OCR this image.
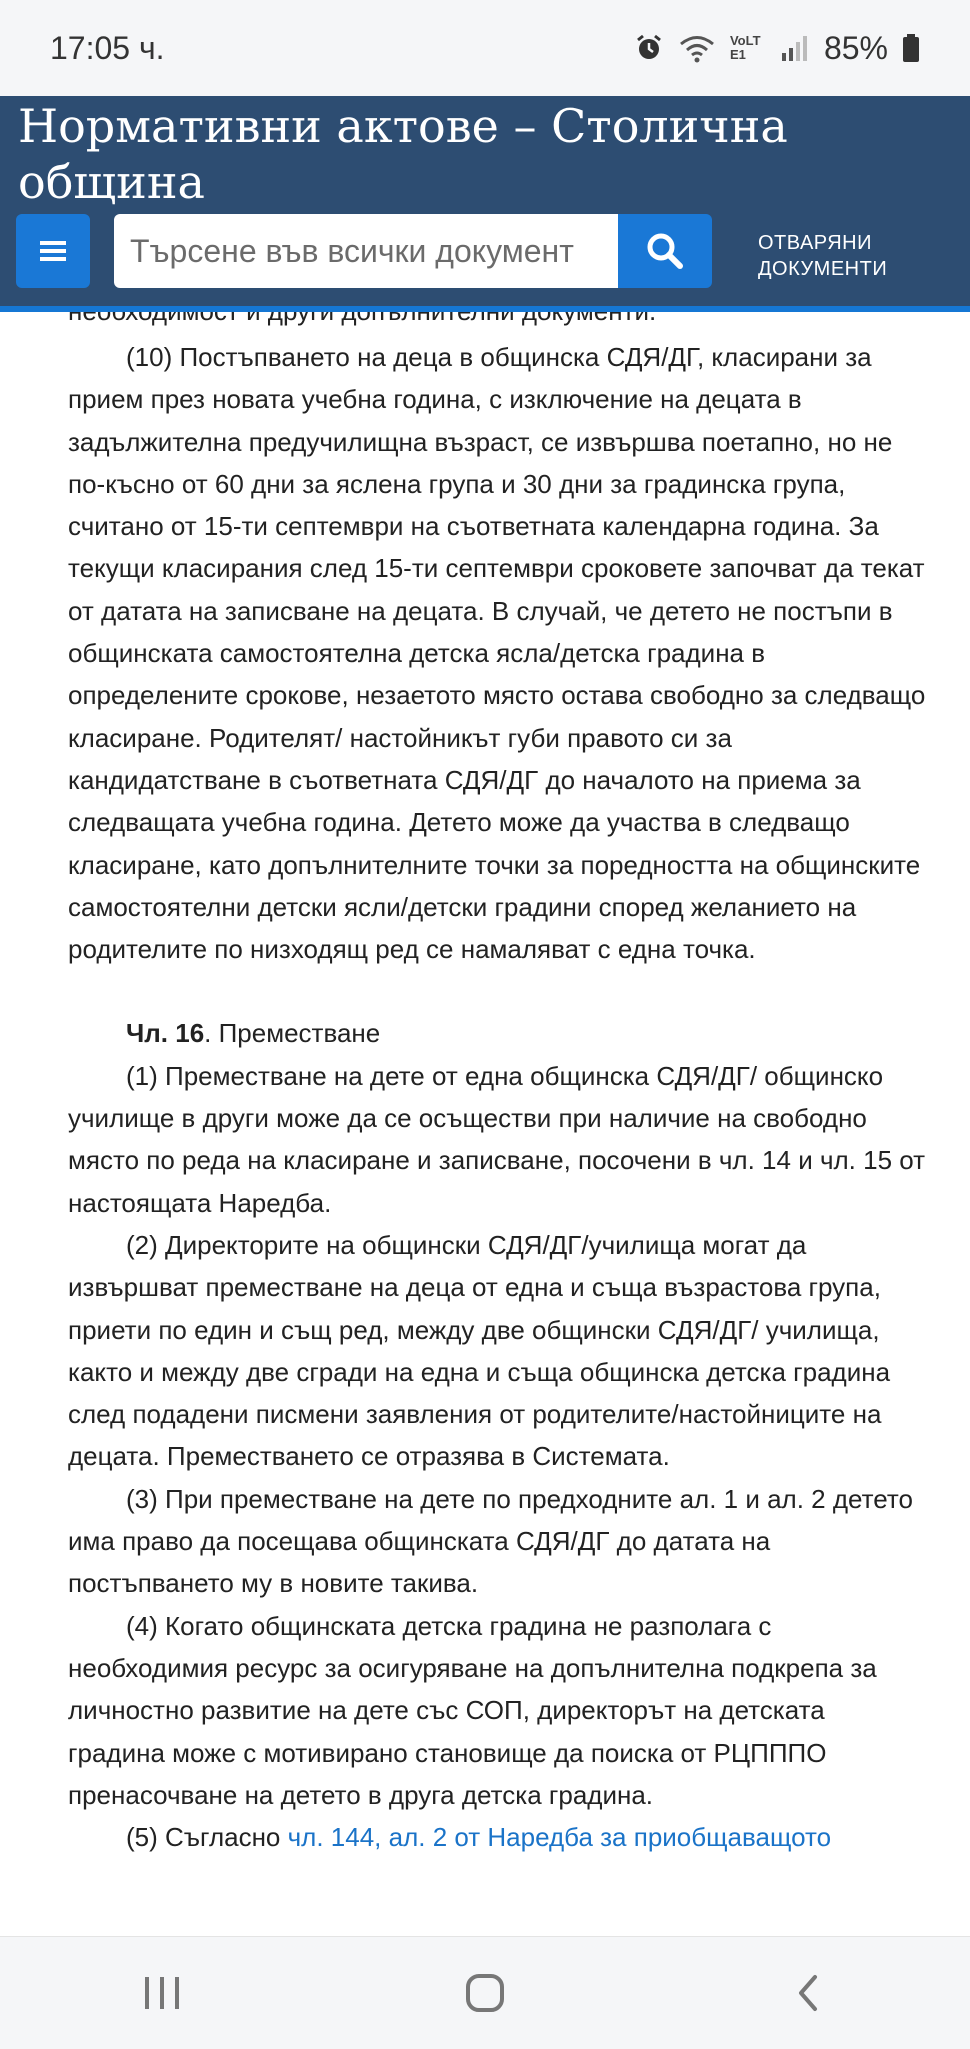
17:05 ч.	VoLTE1	85%
Нормативни актове – Столична община
Търсене във всички документ
ОТВАРЯНИ
ДОКУМЕНТИ

(10) Постъпването на деца в общинска СДЯ/ДГ, класирани за прием през новата учебна година, с изключение на децата в задължителна предучилищна възраст, се извършва поетапно, но не по-късно от 60 дни за яслена група и 30 дни за градинска група, считано от 15-ти септември на съответната календарна година. За текущи класирания след 15-ти септември сроковете започват да текат от датата на записване на децата. В случай, че детето не постъпи в общинската самостоятелна детска ясла/детска градина в определените срокове, незаетото място остава свободно за следващо класиране. Родителят/ настойникът губи правото си за кандидатстване в съответната СДЯ/ДГ до началото на приема за следващата учебна година. Детето може да участва в следващо класиране, като допълнителните точки за поредността на общинските самостоятелни детски ясли/детски градини според желанието на родителите по низходящ ред се намаляват с една точка.

Чл. 16. Преместване

(1) Преместване на дете от една общинска СДЯ/ДГ/ общинско училище в други може да се осъществи при наличие на свободно място по реда на класиране и записване, посочени в чл. 14 и чл. 15 от настоящата Наредба.

(2) Директорите на общински СДЯ/ДГ/училища могат да извършват преместване на деца от една и съща възрастова група, приети по един и същ ред, между две общински СДЯ/ДГ/ училища, както и между две сгради на една и съща общинска детска градина след подадени писмени заявления от родителите/настойниците на децата. Преместването се отразява в Системата.

(3) При преместване на дете по предходните ал. 1 и ал. 2 детето има право да посещава общинската СДЯ/ДГ до датата на постъпването му в новите такива.

(4) Когато общинската детска градина не разполага с необходимия ресурс за осигуряване на допълнителна подкрепа за личностно развитие на дете със СОП, директорът на детската градина може с мотивирано становище да поиска от РЦПППО пренасочване на детето в друга детска градина.

(5) Съгласно чл. 144, ал. 2 от Наредба за приобщаващото
